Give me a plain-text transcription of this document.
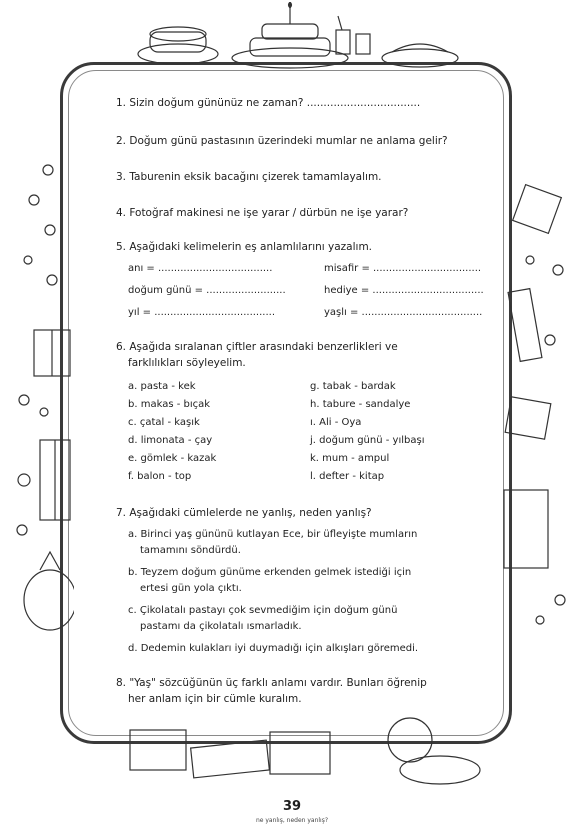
1. Sizin doğum gününüz ne zaman? ..................................
2. Doğum günü pastasının üzerindeki mumlar ne anlama gelir?
3. Taburenin eksik bacağını çizerek tamamlayalım.
4. Fotoğraf makinesi ne işe yarar / dürbün ne işe yarar?
5. Aşağıdaki kelimelerin eş anlamlılarını yazalım.
anı = ....................................	misafir = ..................................
doğum günü = .........................	hediye = ...................................
yıl = ......................................	yaşlı = ......................................
6. Aşağıda sıralanan çiftler arasındaki benzerlikleri ve
farklılıkları söyleyelim.
a. pasta - kek	g. tabak - bardak
b. makas - bıçak	h. tabure - sandalye
c. çatal - kaşık	ı. Ali - Oya
d. limonata - çay	j. doğum günü - yılbaşı
e. gömlek - kazak	k. mum - ampul
f. balon - top	l. defter - kitap
7. Aşağıdaki cümlelerde ne yanlış, neden yanlış?
a. Birinci yaş gününü kutlayan Ece, bir üfleyişte mumların
tamamını söndürdü.
b. Teyzem doğum günüme erkenden gelmek istediği için
ertesi gün yola çıktı.
c. Çikolatalı pastayı çok sevmediğim için doğum günü
pastamı da çikolatalı ısmarladık.
d. Dedemin kulakları iyi duymadığı için alkışları göremedi.
8. "Yaş" sözcüğünün üç farklı anlamı vardır. Bunları öğrenip
her anlam için bir cümle kuralım.
39
ne yanlış, neden yanlış?
